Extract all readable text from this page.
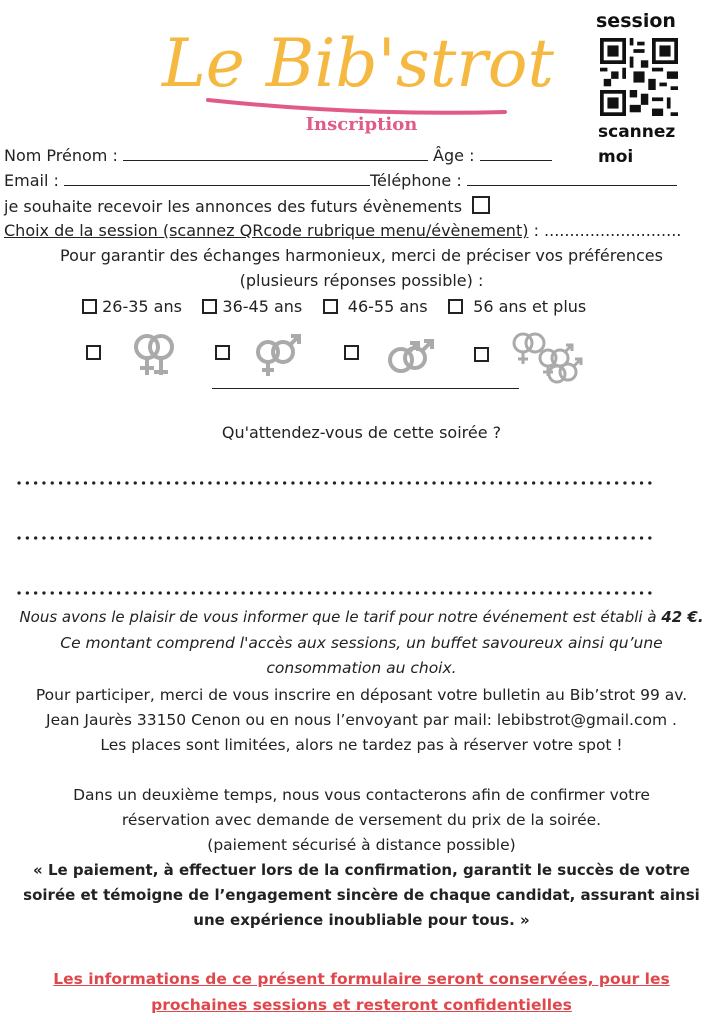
Le Bib'strot
Inscription
session
scannez
moi
Nom Prénom :	Âge :
Email :	Téléphone :
je souhaite recevoir les annonces des futurs évènements
Choix de la session (scannez QRcode rubrique menu/évènement) : ...........................
Pour garantir des échanges harmonieux, merci de préciser vos préférences
(plusieurs réponses possible) :
26-35 ans	36-45 ans	46-55 ans	56 ans et plus
Qu'attendez-vous de cette soirée ?
Nous avons le plaisir de vous informer que le tarif pour notre événement est établi à 42 €.
Ce montant comprend l'accès aux sessions, un buffet savoureux ainsi qu’une
consommation au choix.
Pour participer, merci de vous inscrire en déposant votre bulletin au Bib’strot 99 av.
Jean Jaurès 33150 Cenon ou en nous l’envoyant par mail: lebibstrot@gmail.com .
Les places sont limitées, alors ne tardez pas à réserver votre spot !
Dans un deuxième temps, nous vous contacterons afin de confirmer votre
réservation avec demande de versement du prix de la soirée.
(paiement sécurisé à distance possible)
« Le paiement, à effectuer lors de la confirmation, garantit le succès de votre
soirée et témoigne de l’engagement sincère de chaque candidat, assurant ainsi
une expérience inoubliable pour tous. »
Les informations de ce présent formulaire seront conservées, pour les
prochaines sessions et resteront confidentielles
